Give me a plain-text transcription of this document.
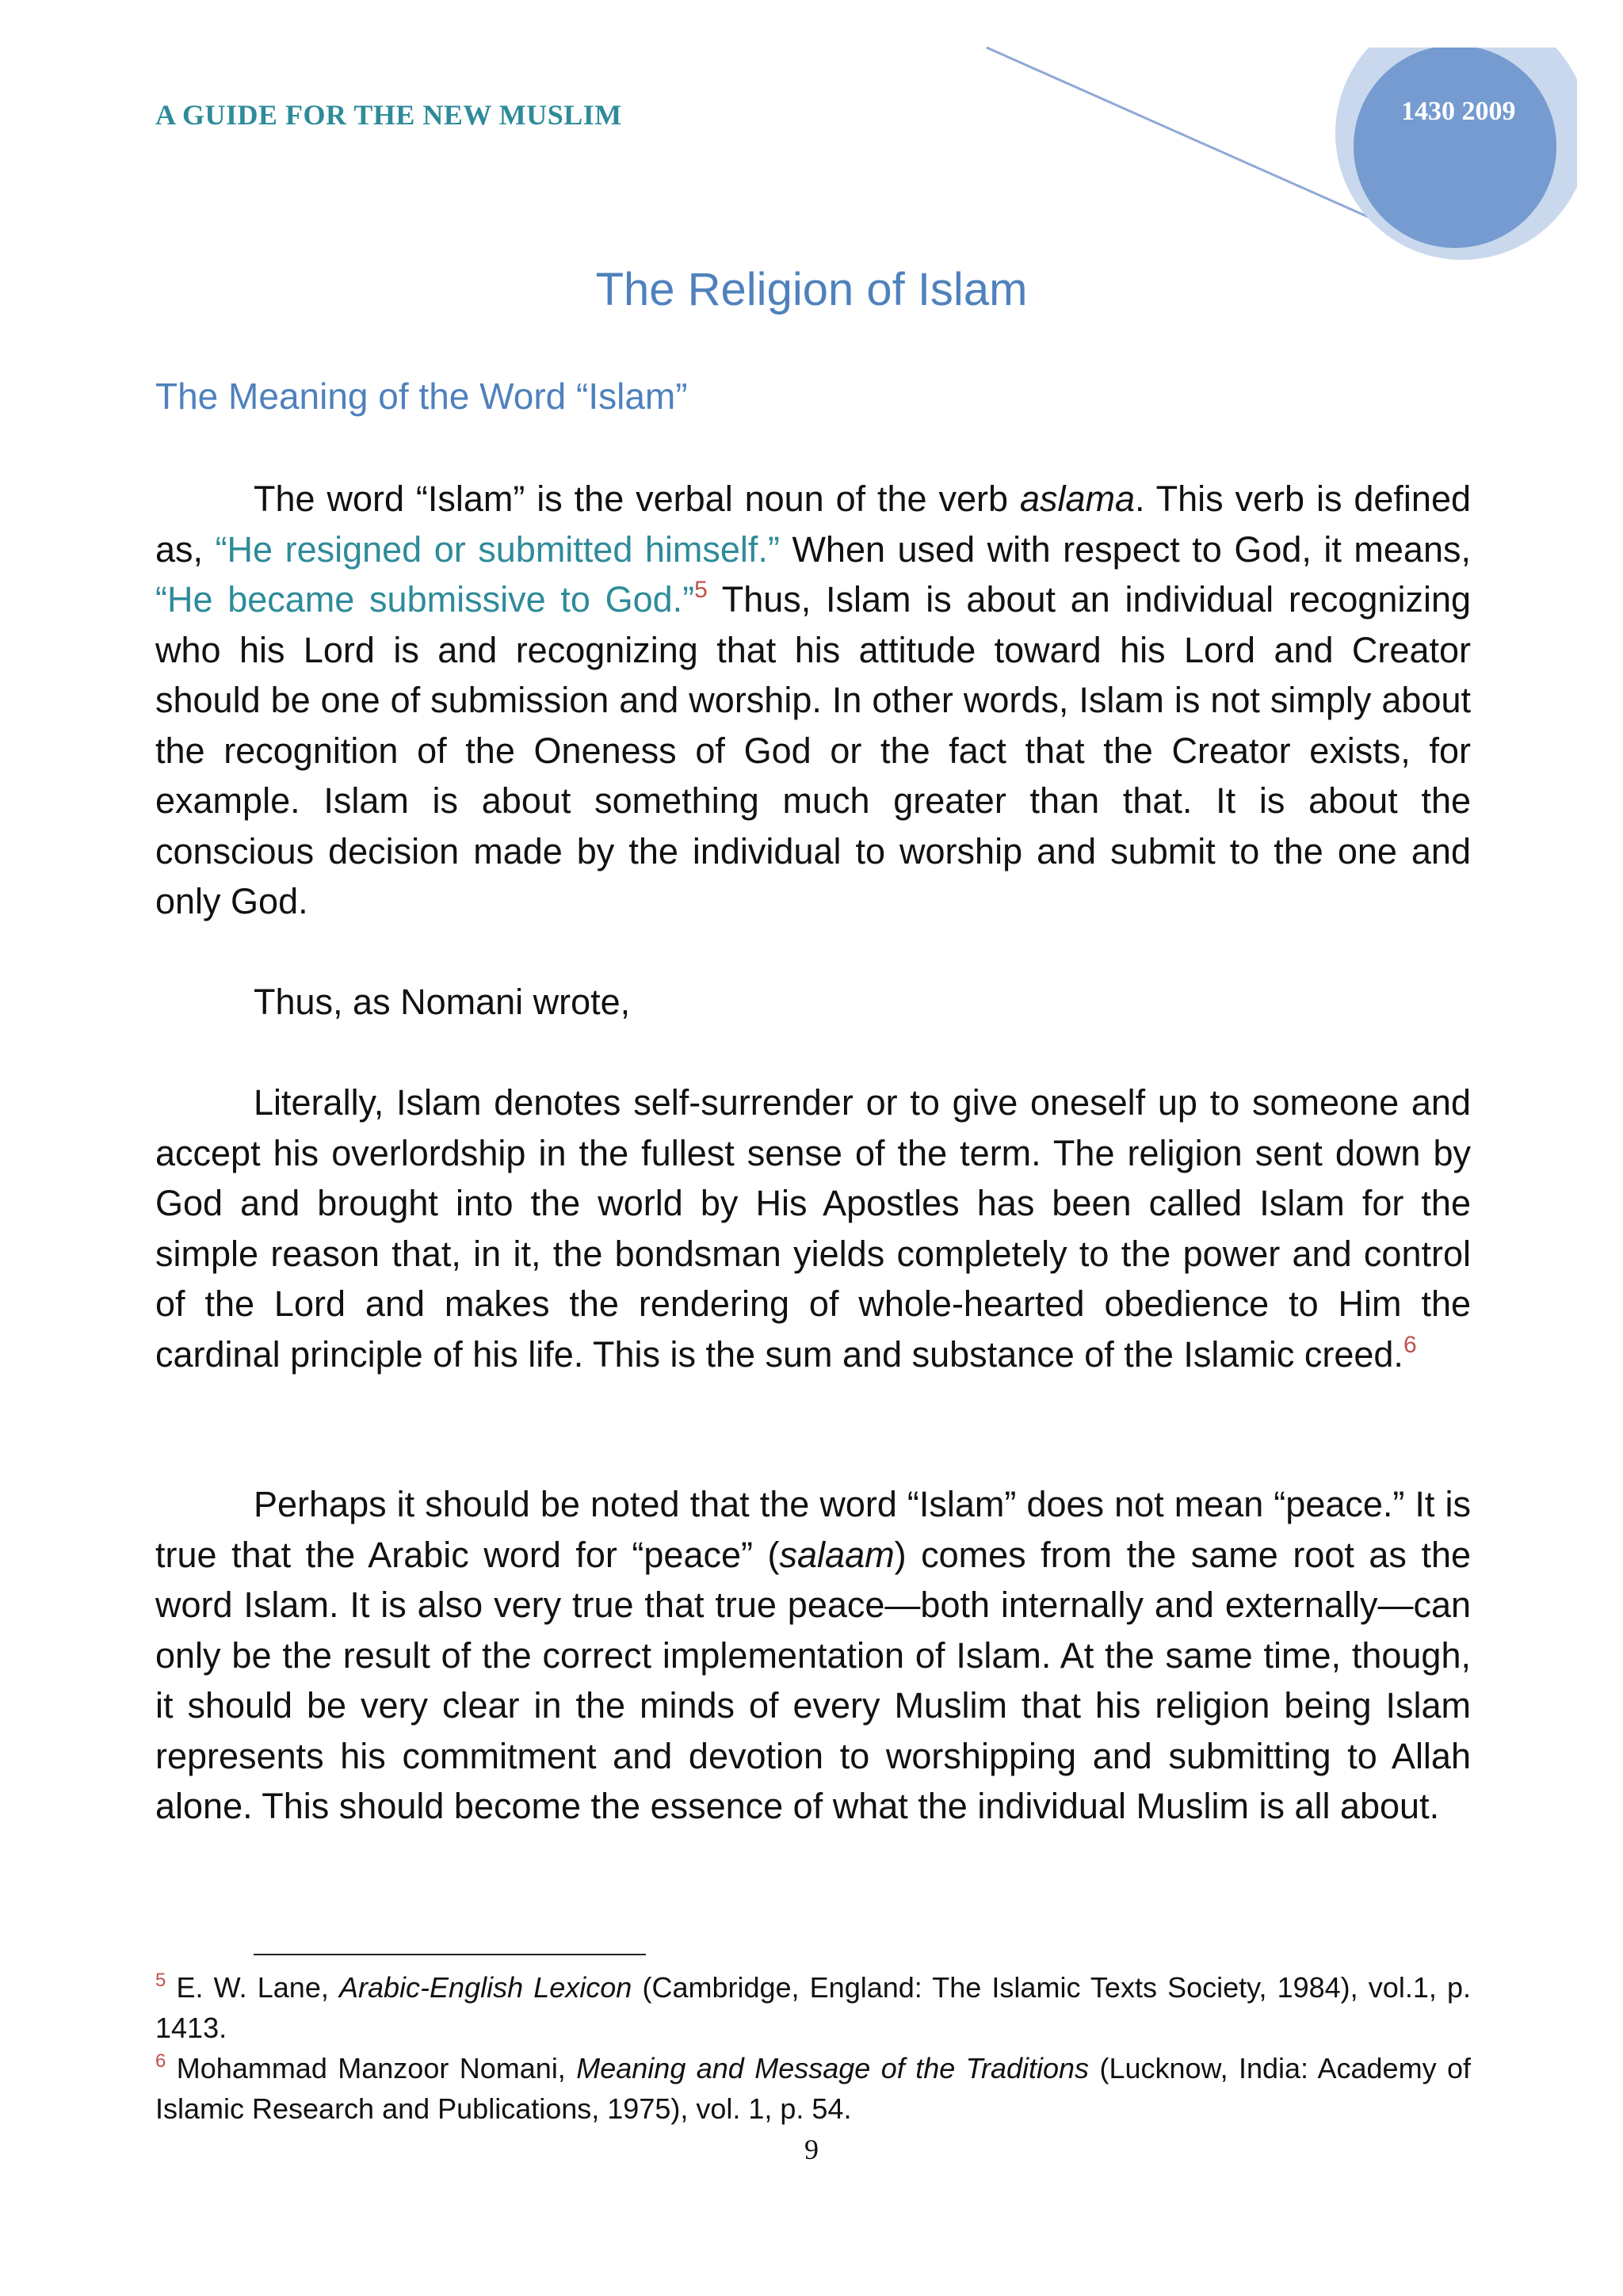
A GUIDE FOR THE NEW MUSLIM	1430 2009
The Religion of Islam
The Meaning of the Word “Islam”

The word “Islam” is the verbal noun of the verb aslama. This verb is defined as, “He resigned or submitted himself.” When used with respect to God, it means, “He became submissive to God.”$^5$ Thus, Islam is about an individual recognizing who his Lord is and recognizing that his attitude toward his Lord and Creator should be one of submission and worship. In other words, Islam is not simply about the recognition of the Oneness of God or the fact that the Creator exists, for example. Islam is about something much greater than that. It is about the conscious decision made by the individual to worship and submit to the one and only God.

Thus, as Nomani wrote,

Literally, Islam denotes self-surrender or to give oneself up to someone and accept his overlordship in the fullest sense of the term. The religion sent down by God and brought into the world by His Apostles has been called Islam for the simple reason that, in it, the bondsman yields completely to the power and control of the Lord and makes the rendering of whole-hearted obedience to Him the cardinal principle of his life. This is the sum and substance of the Islamic creed.$^6$

Perhaps it should be noted that the word “Islam” does not mean “peace.” It is true that the Arabic word for “peace” (salaam) comes from the same root as the word Islam. It is also very true that true peace—both internally and externally—can only be the result of the correct implementation of Islam. At the same time, though, it should be very clear in the minds of every Muslim that his religion being Islam represents his commitment and devotion to worshipping and submitting to Allah alone. This should become the essence of what the individual Muslim is all about.

$^5$ E. W. Lane, Arabic-English Lexicon (Cambridge, England: The Islamic Texts Society, 1984), vol.1, p. 1413.

$^6$ Mohammad Manzoor Nomani, Meaning and Message of the Traditions (Lucknow, India: Academy of Islamic Research and Publications, 1975), vol. 1, p. 54.

9
